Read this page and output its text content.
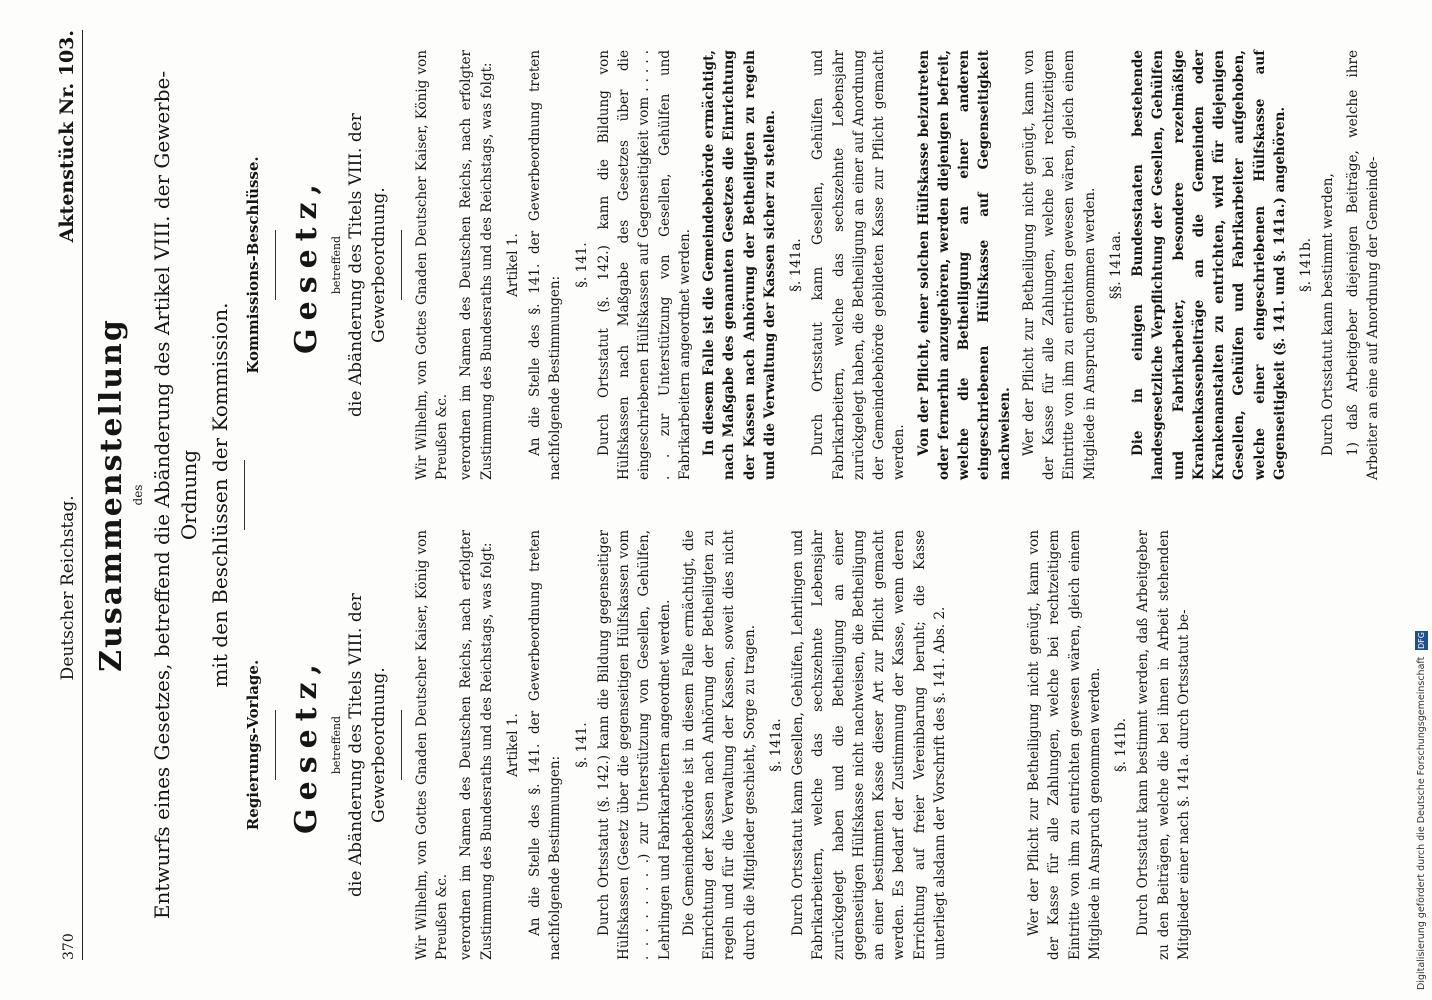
370
Deutscher Reichstag.
Aktenstück Nr. 103.
Zusammenstellung des Entwurfs eines Gesetzes, betreffend die Abänderung des Artikel VIII. der Gewerbe-Ordnung mit den Beschlüssen der Kommission.
Regierungs-Vorlage. Gesetz, betreffend die Abänderung des Titels VIII. der Gewerbeordnung. Wir Wilhelm, von Gottes Gnaden Deutscher Kaiser, König von Preußen &c. verordnen im Namen des Deutschen Reichs, nach erfolgter Zustimmung des Bundesraths und des Reichstags, was folgt: Artikel 1. An die Stelle des §. 141. der Gewerbeordnung treten nachfolgende Bestimmungen:

§. 141. Durch Ortsstatut (§. 142.) kann die Bildung gegenseitiger Hülfskassen (Gesetz über die gegenseitigen Hülfskassen vom . . . . . . . .) zur Unterstützung von Gesellen, Gehülfen, Lehrlingen und Fabrikarbeitern angeordnet werden. Die Gemeindebehörde ist in diesem Falle ermächtigt, die Einrichtung der Kassen nach Anhörung der Betheiligten zu regeln und für die Verwaltung der Kassen, soweit dies nicht durch die Mitglieder geschieht, Sorge zu tragen. §. 141a. Durch Ortsstatut kann Gesellen, Gehülfen, Lehrlingen und Fabrikarbeitern, welche das sechszehnte Lebensjahr zurückgelegt haben und die Betheiligung an einer gegenseitigen Hülfskasse nicht nachweisen, die Betheiligung an einer bestimmten Kasse dieser Art zur Pflicht gemacht werden. Es bedarf der Zustimmung der Kasse, wenn deren Errichtung auf freier Vereinbarung beruht; die Kasse unterliegt alsdann der Vorschrift des §. 141. Abs. 2.	Wer der Pflicht zur Betheiligung nicht genügt, kann von der Kasse für alle Zahlungen, welche bei rechtzeitigem Eintritte von ihm zu entrichten gewesen wären, gleich einem Mitgliede in Anspruch genommen werden. §. 141b. Durch Ortsstatut kann bestimmt werden, daß Arbeitgeber zu den Beiträgen, welche die bei ihnen in Arbeit stehenden Mitglieder einer nach §. 141a. durch Ortsstatut be-

Kommissions-Beschlüsse. Gesetz, betreffend die Abänderung des Titels VIII. der Gewerbeordnung. Wir Wilhelm, von Gottes Gnaden Deutscher Kaiser, König von Preußen &c. verordnen im Namen des Deutschen Reichs, nach erfolgter Zustimmung des Bundesraths und des Reichstags, was folgt: Artikel 1. An die Stelle des §. 141. der Gewerbeordnung treten nachfolgende Bestimmungen:

§. 141. Durch Ortsstatut (§. 142.) kann die Bildung von Hülfskassen nach Maßgabe des Gesetzes über die eingeschriebenen Hülfskassen auf Gegenseitigkeit vom . . . . . . . zur Unterstützung von Gesellen, Gehülfen und Fabrikarbeitern angeordnet werden. In diesem Falle ist die Gemeindebehörde ermächtigt, nach Maßgabe des genannten Gesetzes die Einrichtung der Kassen nach Anhörung der Betheiligten zu regeln und die Verwaltung der Kassen sicher zu stellen. §. 141a. Durch Ortsstatut kann Gesellen, Gehülfen und Fabrikarbeitern, welche das sechszehnte Lebensjahr zurückgelegt haben, die Betheiligung an einer auf Anordnung der Gemeindebehörde gebildeten Kasse zur Pflicht gemacht werden. Von der Pflicht, einer solchen Hülfskasse beizutreten oder fernerhin anzugehören, werden diejenigen befreit, welche die Betheiligung an einer anderen eingeschriebenen Hülfskasse auf Gegenseitigkeit nachweisen. Wer der Pflicht zur Betheiligung nicht genügt, kann von der Kasse für alle Zahlungen, welche bei rechtzeitigem Eintritte von ihm zu entrichten gewesen wären, gleich einem Mitgliede in Anspruch genommen werden. §§. 141aa. Die in einigen Bundesstaaten bestehende landesgesetzliche Verpflichtung der Gesellen, Gehülfen und Fabrikarbeiter, besondere rezelmäßige Krankenkassenbeiträge an die Gemeinden oder Krankenanstalten zu entrichten, wird für diejenigen Gesellen, Gehülfen und Fabrikarbeiter aufgehoben, welche einer eingeschriebenen Hülfskasse auf Gegenseitigkeit (§. 141. und §. 141a.) angehören. §. 141b. Durch Ortsstatut kann bestimmt werden, 1) daß Arbeitgeber diejenigen Beiträge, welche ihre Arbeiter an eine auf Anordnung der Gemeinde-

Digitalisierung gefördert durch die Deutsche Forschungsgemeinschaft DFG
